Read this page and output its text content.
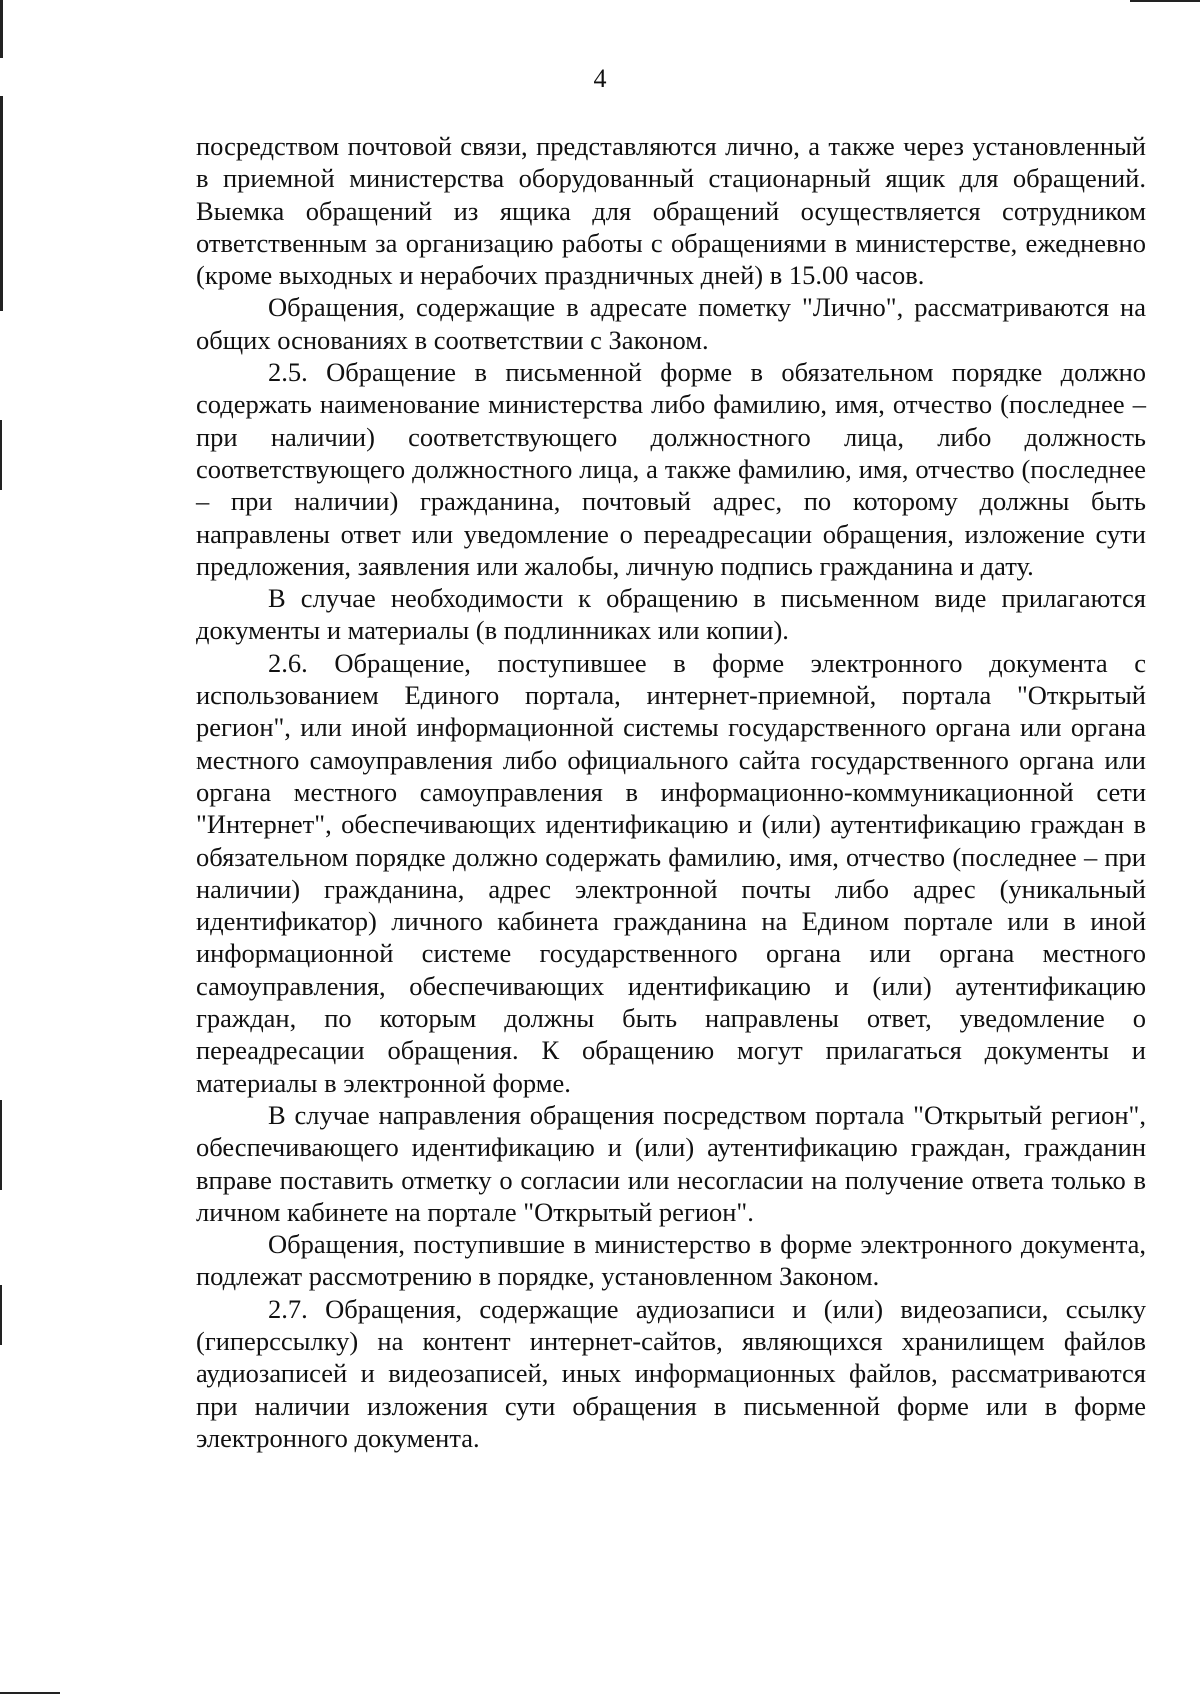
4

посредством почтовой связи, представляются лично, а также через установленный в приемной министерства оборудованный стационарный ящик для обращений. Выемка обращений из ящика для обращений осуществляется сотрудником ответственным за организацию работы с обращениями в министерстве, ежедневно (кроме выходных и нерабочих праздничных дней) в 15.00 часов.

Обращения, содержащие в адресате пометку "Лично", рассматриваются на общих основаниях в соответствии с Законом.

2.5. Обращение в письменной форме в обязательном порядке должно содержать наименование министерства либо фамилию, имя, отчество (последнее – при наличии) соответствующего должностного лица, либо должность соответствующего должностного лица, а также фамилию, имя, отчество (последнее – при наличии) гражданина, почтовый адрес, по которому должны быть направлены ответ или уведомление о переадресации обращения, изложение сути предложения, заявления или жалобы, личную подпись гражданина и дату.

В случае необходимости к обращению в письменном виде прилагаются документы и материалы (в подлинниках или копии).

2.6. Обращение, поступившее в форме электронного документа с использованием Единого портала, интернет-приемной, портала "Открытый регион", или иной информационной системы государственного органа или органа местного самоуправления либо официального сайта государственного органа или органа местного самоуправления в информационно-коммуникационной сети "Интернет", обеспечивающих идентификацию и (или) аутентификацию граждан в обязательном порядке должно содержать фамилию, имя, отчество (последнее – при наличии) гражданина, адрес электронной почты либо адрес (уникальный идентификатор) личного кабинета гражданина на Едином портале или в иной информационной системе государственного органа или органа местного самоуправления, обеспечивающих идентификацию и (или) аутентификацию граждан, по которым должны быть направлены ответ, уведомление о переадресации обращения. К обращению могут прилагаться документы и материалы в электронной форме.

В случае направления обращения посредством портала "Открытый регион", обеспечивающего идентификацию и (или) аутентификацию граждан, гражданин вправе поставить отметку о согласии или несогласии на получение ответа только в личном кабинете на портале "Открытый регион".

Обращения, поступившие в министерство в форме электронного документа, подлежат рассмотрению в порядке, установленном Законом.

2.7. Обращения, содержащие аудиозаписи и (или) видеозаписи, ссылку (гиперссылку) на контент интернет-сайтов, являющихся хранилищем файлов аудиозаписей и видеозаписей, иных информационных файлов, рассматриваются при наличии изложения сути обращения в письменной форме или в форме электронного документа.
